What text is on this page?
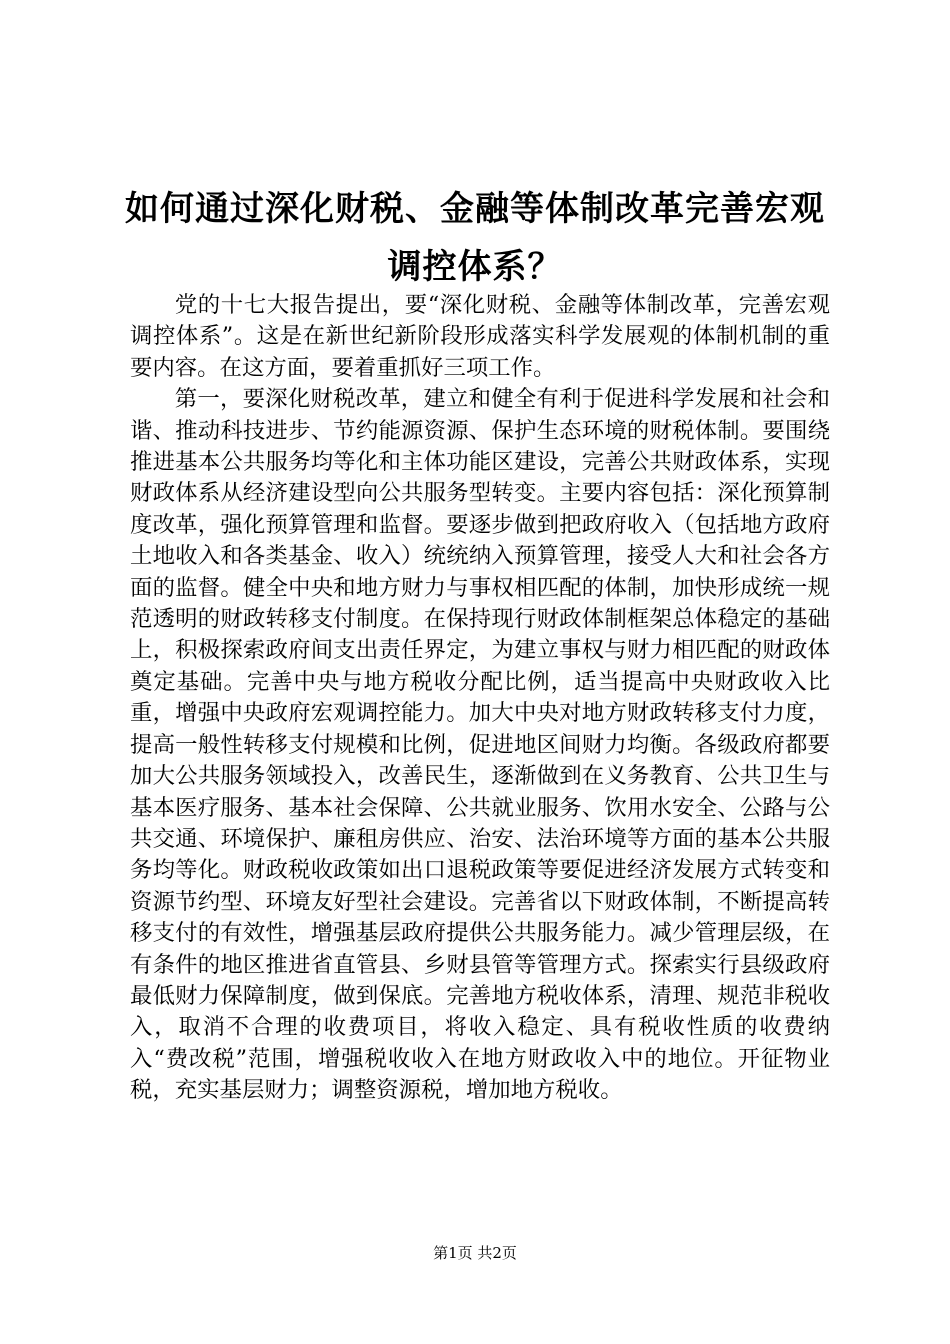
如何通过深化财税、金融等体制改革完善宏观调控体系？

党的十七大报告提出，要“深化财税、金融等体制改革，完善宏观调控体系”。这是在新世纪新阶段形成落实科学发展观的体制机制的重要内容。在这方面，要着重抓好三项工作。

第一，要深化财税改革，建立和健全有利于促进科学发展和社会和谐、推动科技进步、节约能源资源、保护生态环境的财税体制。要围绕推进基本公共服务均等化和主体功能区建设，完善公共财政体系，实现财政体系从经济建设型向公共服务型转变。主要内容包括：深化预算制度改革，强化预算管理和监督。要逐步做到把政府收入（包括地方政府土地收入和各类基金、收入）统统纳入预算管理，接受人大和社会各方面的监督。健全中央和地方财力与事权相匹配的体制，加快形成统一规范透明的财政转移支付制度。在保持现行财政体制框架总体稳定的基础上，积极探索政府间支出责任界定，为建立事权与财力相匹配的财政体奠定基础。完善中央与地方税收分配比例，适当提高中央财政收入比重，增强中央政府宏观调控能力。加大中央对地方财政转移支付力度，提高一般性转移支付规模和比例，促进地区间财力均衡。各级政府都要加大公共服务领域投入，改善民生，逐渐做到在义务教育、公共卫生与基本医疗服务、基本社会保障、公共就业服务、饮用水安全、公路与公共交通、环境保护、廉租房供应、治安、法治环境等方面的基本公共服务均等化。财政税收政策如出口退税政策等要促进经济发展方式转变和资源节约型、环境友好型社会建设。完善省以下财政体制，不断提高转移支付的有效性，增强基层政府提供公共服务能力。减少管理层级，在有条件的地区推进省直管县、乡财县管等管理方式。探索实行县级政府最低财力保障制度，做到保底。完善地方税收体系，清理、规范非税收入，取消不合理的收费项目，将收入稳定、具有税收性质的收费纳入“费改税”范围，增强税收收入在地方财政收入中的地位。开征物业税，充实基层财力；调整资源税，增加地方税收。

第1页 共2页
